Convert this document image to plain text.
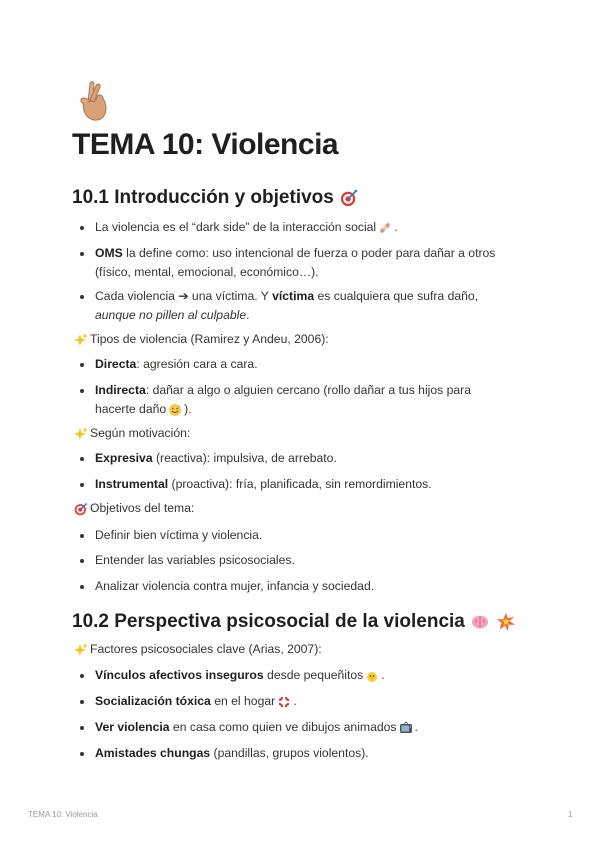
TEMA 10: Violencia
10.1 Introducción y objetivos
La violencia es el “dark side” de la interacción social .
OMS la define como: uso intencional de fuerza o poder para dañar a otros
(físico, mental, emocional, económico…).
Cada violencia ➔ una víctima. Y víctima es cualquiera que sufra daño,
aunque no pillen al culpable.
Tipos de violencia (Ramirez y Andeu, 2006):
Directa: agresión cara a cara.
Indirecta: dañar a algo o alguien cercano (rollo dañar a tus hijos para
hacerte daño ).
Según motivación:
Expresiva (reactiva): impulsiva, de arrebato.
Instrumental (proactiva): fría, planificada, sin remordimientos.
Objetivos del tema:
Definir bien víctima y violencia.
Entender las variables psicosociales.
Analizar violencia contra mujer, infancia y sociedad.
10.2 Perspectiva psicosocial de la violencia
Factores psicosociales clave (Arias, 2007):
Vínculos afectivos inseguros desde pequeñitos .
Socialización tóxica en el hogar .
Ver violencia en casa como quien ve dibujos animados .
Amistades chungas (pandillas, grupos violentos).
TEMA 10: Violencia	1
